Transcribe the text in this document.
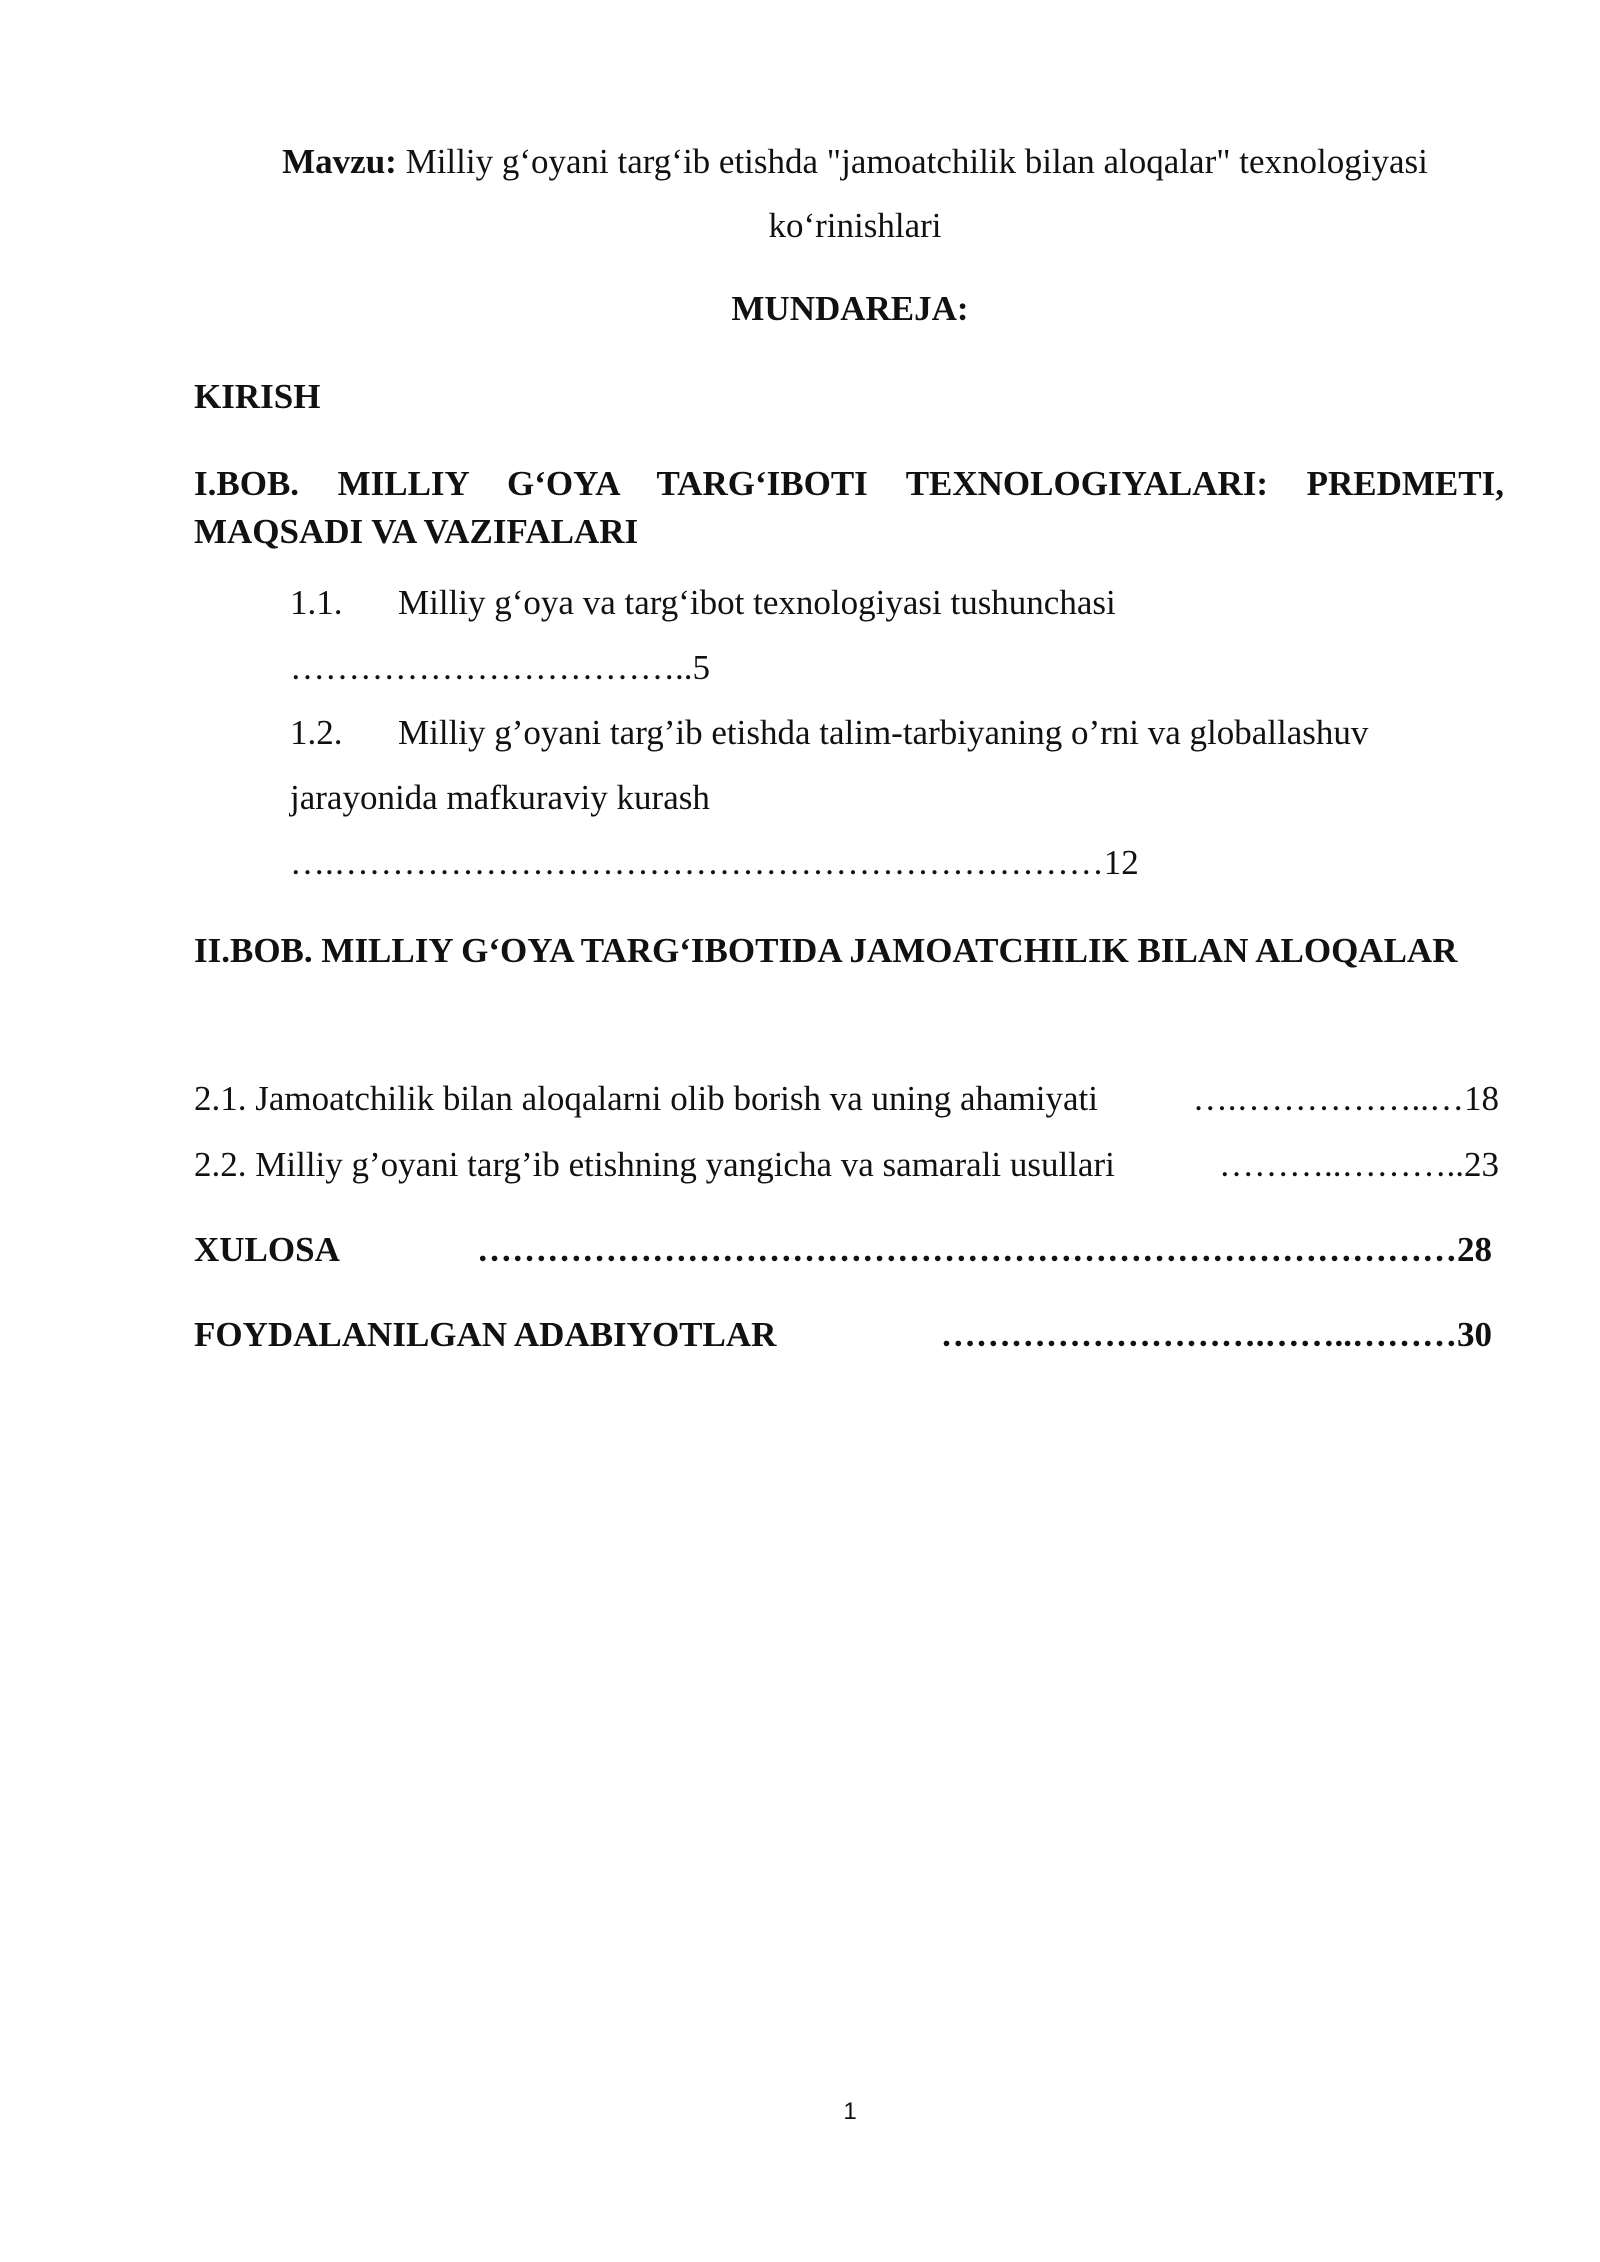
Mavzu: Milliy g‘oyani targ‘ib etishda "jamoatchilik bilan aloqalar" texnologiyasi ko‘rinishlari
MUNDAREJA:
KIRISH
I.BOB. MILLIY G‘OYA TARG‘IBOTI TEXNOLOGIYALARI: PREDMETI, MAQSADI VA VAZIFALARI
1.1. Milliy g‘oya va targ‘ibot texnologiyasi tushunchasi
……………………………..5
1.2. Milliy g’oyani targ’ib etishda talim-tarbiyaning o’rni va globallashuv jarayonida mafkuraviy kurash
….…………………………………………………………12
II.BOB. MILLIY G‘OYA TARG‘IBOTIDA JAMOATCHILIK BILAN ALOQALAR
2.1. Jamoatchilik bilan aloqalarni olib borish va uning ahamiyati	….……………..…18
2.2. Milliy g’oyani targ’ib etishning yangicha va samarali usullari	………..………..23
XULOSA	…………………………………………………………………………28
FOYDALANILGAN ADABIYOTLAR	……………………….……..………30
1
